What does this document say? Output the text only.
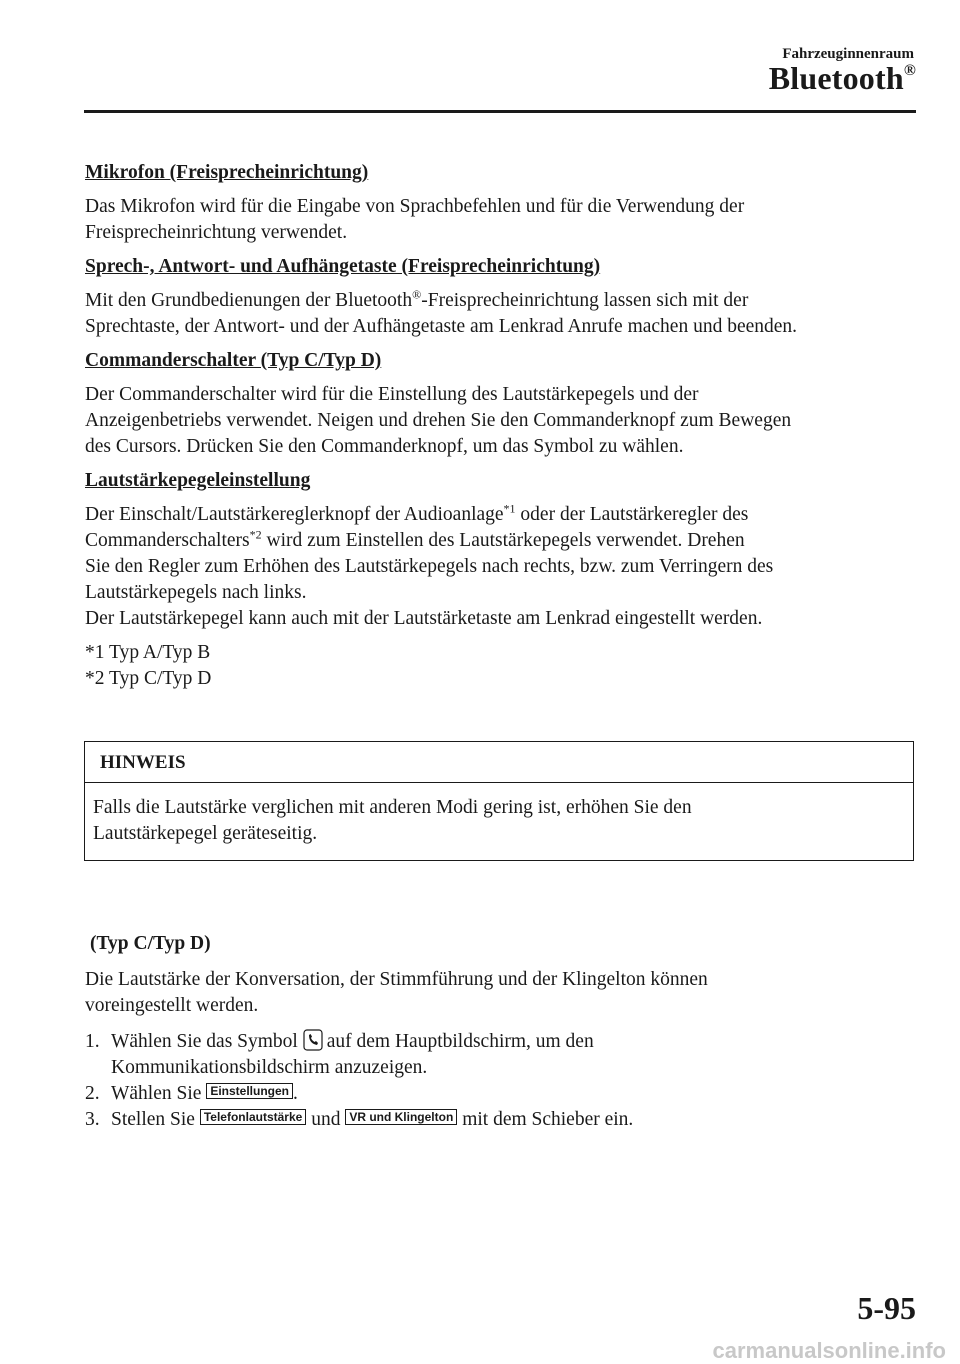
Fahrzeuginnenraum
Bluetooth®
Mikrofon (Freisprecheinrichtung)
Das Mikrofon wird für die Eingabe von Sprachbefehlen und für die Verwendung der
Freisprecheinrichtung verwendet.
Sprech-, Antwort- und Aufhängetaste (Freisprecheinrichtung)
Mit den Grundbedienungen der Bluetooth®-Freisprecheinrichtung lassen sich mit der
Sprechtaste, der Antwort- und der Aufhängetaste am Lenkrad Anrufe machen und beenden.
Commanderschalter (Typ C/Typ D)
Der Commanderschalter wird für die Einstellung des Lautstärkepegels und der
Anzeigenbetriebs verwendet. Neigen und drehen Sie den Commanderknopf zum Bewegen
des Cursors. Drücken Sie den Commanderknopf, um das Symbol zu wählen.
Lautstärkepegeleinstellung
Der Einschalt/Lautstärkereglerknopf der Audioanlage$^{*1}$ oder der Lautstärkeregler des
Commanderschalters$^{*2}$ wird zum Einstellen des Lautstärkepegels verwendet. Drehen
Sie den Regler zum Erhöhen des Lautstärkepegels nach rechts, bzw. zum Verringern des
Lautstärkepegels nach links.
Der Lautstärkepegel kann auch mit der Lautstärketaste am Lenkrad eingestellt werden.
*1 Typ A/Typ B
*2 Typ C/Typ D
HINWEIS
Falls die Lautstärke verglichen mit anderen Modi gering ist, erhöhen Sie den
Lautstärkepegel geräteseitig.
(Typ C/Typ D)
Die Lautstärke der Konversation, der Stimmführung und der Klingelton können
voreingestellt werden.
1. Wählen Sie das Symbol auf dem Hauptbildschirm, um den
Kommunikationsbildschirm anzuzeigen.
2. Wählen Sie Einstellungen .
3. Stellen Sie Telefonlautstärke und VR und Klingelton mit dem Schieber ein.
5-95
carmanualsonline.info
